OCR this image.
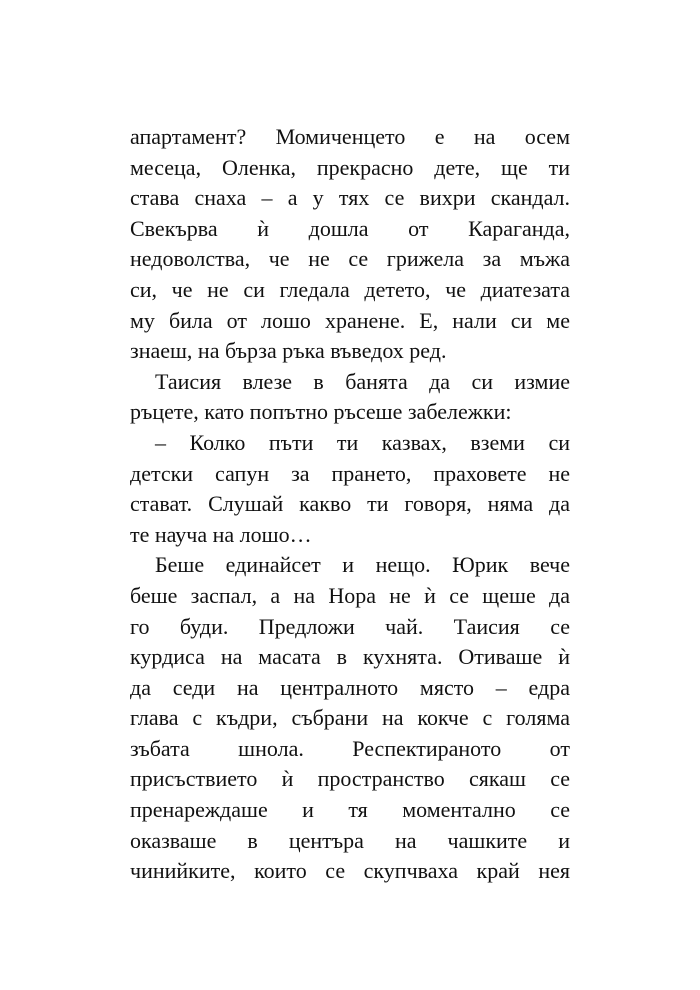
апартамент? Момиченцето е на осем
месеца, Оленка, прекрасно дете, ще ти
става снаха – а у тях се вихри скандал.
Свекърва ѝ дошла от Караганда,
недоволства, че не се грижела за мъжа
си, че не си гледала детето, че диатезата
му била от лошо хранене. Е, нали си ме
знаеш, на бърза ръка въведох ред.
Таисия влезе в банята да си измие
ръцете, като попътно ръсеше забележки:
– Колко пъти ти казвах, вземи си
детски сапун за прането, праховете не
стават. Слушай какво ти говоря, няма да
те науча на лошо…
Беше единайсет и нещо. Юрик вече
беше заспал, а на Нора не ѝ се щеше да
го буди. Предложи чай. Таисия се
курдиса на масата в кухнята. Отиваше ѝ
да седи на централното място – едра
глава с къдри, събрани на кокче с голяма
зъбата шнола. Респектираното от
присъствието ѝ пространство сякаш се
пренареждаше и тя моментално се
оказваше в центъра на чашките и
чинийките, които се скупчваха край нея
